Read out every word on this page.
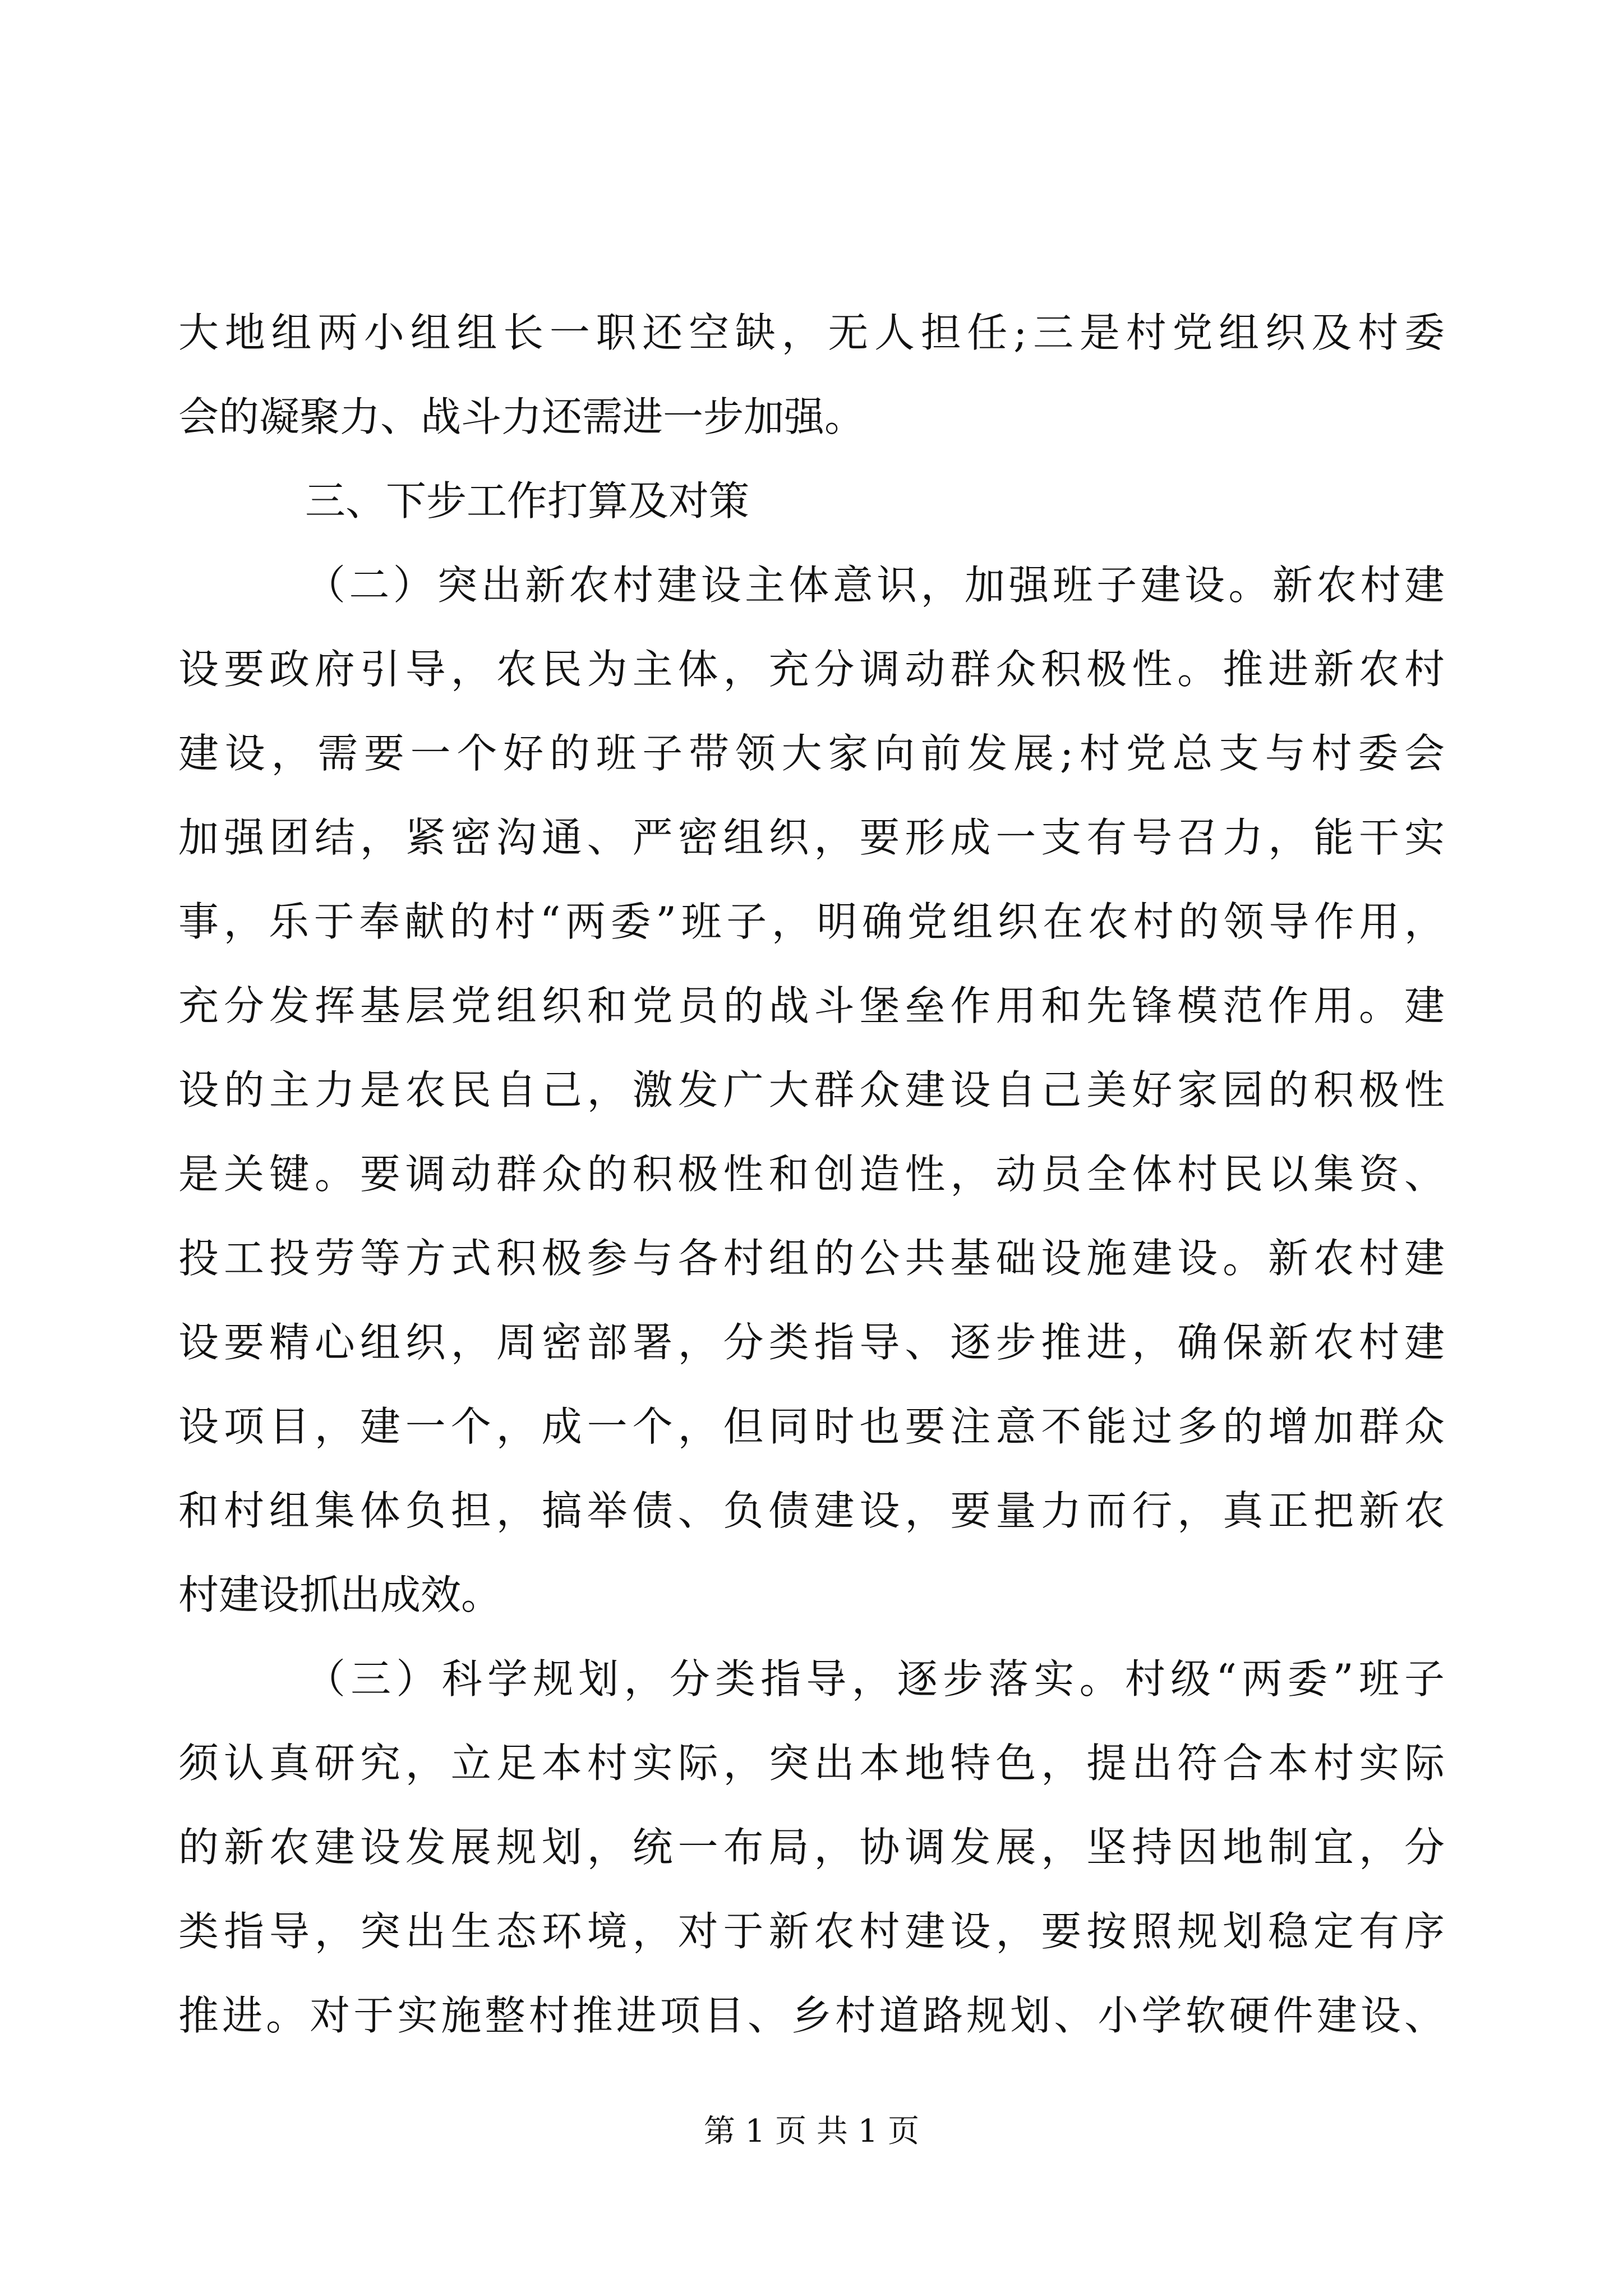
大地组两小组组长一职还空缺，无人担任;三是村党组织及村委
会的凝聚力、战斗力还需进一步加强。
三、下步工作打算及对策
（二）突出新农村建设主体意识，加强班子建设。新农村建
设要政府引导，农民为主体，充分调动群众积极性。推进新农村
建设，需要一个好的班子带领大家向前发展;村党总支与村委会
加强团结，紧密沟通、严密组织，要形成一支有号召力，能干实
事，乐于奉献的村“两委”班子，明确党组织在农村的领导作用，
充分发挥基层党组织和党员的战斗堡垒作用和先锋模范作用。建
设的主力是农民自己，激发广大群众建设自己美好家园的积极性
是关键。要调动群众的积极性和创造性，动员全体村民以集资、
投工投劳等方式积极参与各村组的公共基础设施建设。新农村建
设要精心组织，周密部署，分类指导、逐步推进，确保新农村建
设项目，建一个，成一个，但同时也要注意不能过多的增加群众
和村组集体负担，搞举债、负债建设，要量力而行，真正把新农
村建设抓出成效。
（三）科学规划，分类指导，逐步落实。村级“两委”班子
须认真研究，立足本村实际，突出本地特色，提出符合本村实际
的新农建设发展规划，统一布局，协调发展，坚持因地制宜，分
类指导，突出生态环境，对于新农村建设，要按照规划稳定有序
推进。对于实施整村推进项目、乡村道路规划、小学软硬件建设、
第 1 页 共 1 页
